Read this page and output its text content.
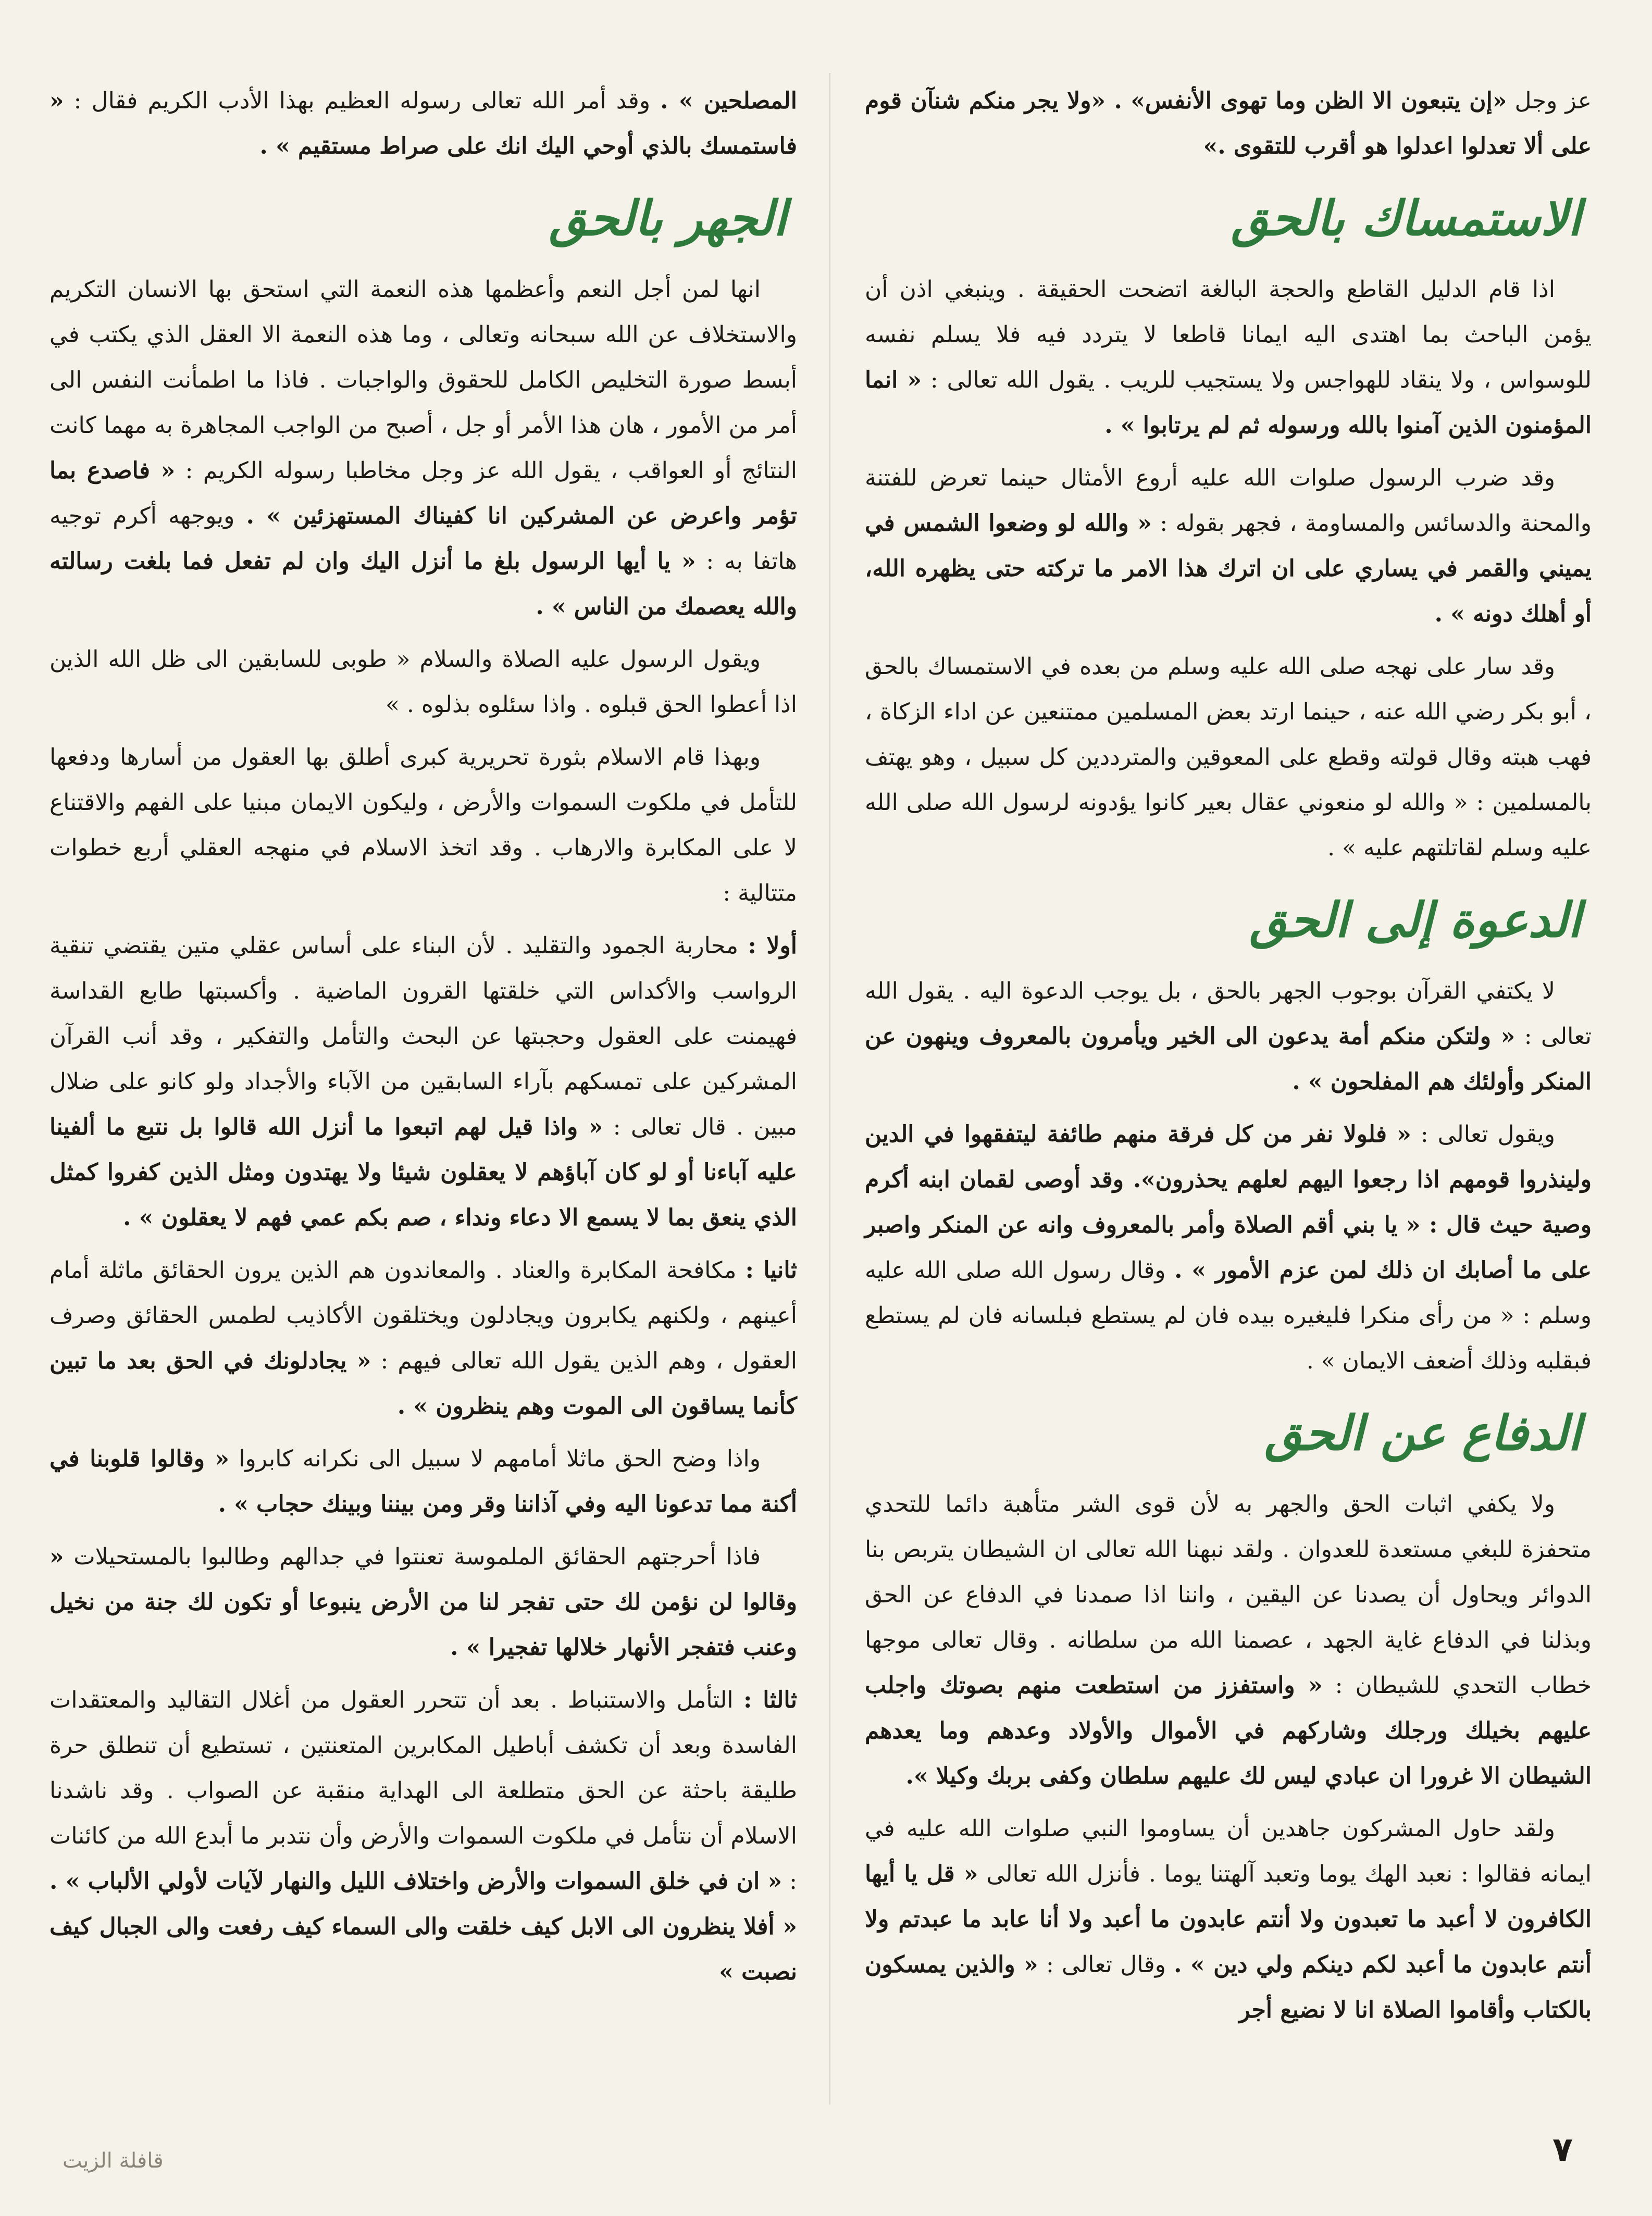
عز وجل «إن يتبعون الا الظن وما تهوى الأنفس» . «ولا يجر منكم شنآن قوم على ألا تعدلوا اعدلوا هو أقرب للتقوى .»

الاستمساك بالحق

اذا قام الدليل القاطع والحجة البالغة اتضحت الحقيقة . وينبغي اذن أن يؤمن الباحث بما اهتدى اليه ايمانا قاطعا لا يتردد فيه فلا يسلم نفسه للوسواس ، ولا ينقاد للهواجس ولا يستجيب للريب . يقول الله تعالى : « انما المؤمنون الذين آمنوا بالله ورسوله ثم لم يرتابوا » .

وقد ضرب الرسول صلوات الله عليه أروع الأمثال حينما تعرض للفتنة والمحنة والدسائس والمساومة ، فجهر بقوله : « والله لو وضعوا الشمس في يميني والقمر في يساري على ان اترك هذا الامر ما تركته حتى يظهره الله، أو أهلك دونه » .

وقد سار على نهجه صلى الله عليه وسلم من بعده في الاستمساك بالحق ، أبو بكر رضي الله عنه ، حينما ارتد بعض المسلمين ممتنعين عن اداء الزكاة ، فهب هبته وقال قولته وقطع على المعوقين والمترددين كل سبيل ، وهو يهتف بالمسلمين : « والله لو منعوني عقال بعير كانوا يؤدونه لرسول الله صلى الله عليه وسلم لقاتلتهم عليه » .

الدعوة إلى الحق

لا يكتفي القرآن بوجوب الجهر بالحق ، بل يوجب الدعوة اليه . يقول الله تعالى : « ولتكن منكم أمة يدعون الى الخير ويأمرون بالمعروف وينهون عن المنكر وأولئك هم المفلحون » .

ويقول تعالى : « فلولا نفر من كل فرقة منهم طائفة ليتفقهوا في الدين ولينذروا قومهم اذا رجعوا اليهم لعلهم يحذرون». وقد أوصى لقمان ابنه أكرم وصية حيث قال : « يا بني أقم الصلاة وأمر بالمعروف وانه عن المنكر واصبر على ما أصابك ان ذلك لمن عزم الأمور » . وقال رسول الله صلى الله عليه وسلم : « من رأى منكرا فليغيره بيده فان لم يستطع فبلسانه فان لم يستطع فبقلبه وذلك أضعف الايمان » .

الدفاع عن الحق

ولا يكفي اثبات الحق والجهر به لأن قوى الشر متأهبة دائما للتحدي متحفزة للبغي مستعدة للعدوان . ولقد نبهنا الله تعالى ان الشيطان يتربص بنا الدوائر ويحاول أن يصدنا عن اليقين ، واننا اذا صمدنا في الدفاع عن الحق وبذلنا في الدفاع غاية الجهد ، عصمنا الله من سلطانه . وقال تعالى موجها خطاب التحدي للشيطان : « واستفزز من استطعت منهم بصوتك واجلب عليهم بخيلك ورجلك وشاركهم في الأموال والأولاد وعدهم وما يعدهم الشيطان الا غرورا ان عبادي ليس لك عليهم سلطان وكفى بربك وكيلا ».

ولقد حاول المشركون جاهدين أن يساوموا النبي صلوات الله عليه في ايمانه فقالوا : نعبد الهك يوما وتعبد آلهتنا يوما . فأنزل الله تعالى « قل يا أيها الكافرون لا أعبد ما تعبدون ولا أنتم عابدون ما أعبد ولا أنا عابد ما عبدتم ولا أنتم عابدون ما أعبد لكم دينكم ولي دين » . وقال تعالى : « والذين يمسكون بالكتاب وأقاموا الصلاة انا لا نضيع أجر

المصلحين » . وقد أمر الله تعالى رسوله العظيم بهذا الأدب الكريم فقال : « فاستمسك بالذي أوحي اليك انك على صراط مستقيم » .

الجهر بالحق

انها لمن أجل النعم وأعظمها هذه النعمة التي استحق بها الانسان التكريم والاستخلاف عن الله سبحانه وتعالى ، وما هذه النعمة الا العقل الذي يكتب في أبسط صورة التخليص الكامل للحقوق والواجبات . فاذا ما اطمأنت النفس الى أمر من الأمور ، هان هذا الأمر أو جل ، أصبح من الواجب المجاهرة به مهما كانت النتائج أو العواقب ، يقول الله عز وجل مخاطبا رسوله الكريم : « فاصدع بما تؤمر واعرض عن المشركين انا كفيناك المستهزئين » . ويوجهه أكرم توجيه هاتفا به : « يا أيها الرسول بلغ ما أنزل اليك وان لم تفعل فما بلغت رسالته والله يعصمك من الناس » .

ويقول الرسول عليه الصلاة والسلام « طوبى للسابقين الى ظل الله الذين اذا أعطوا الحق قبلوه . واذا سئلوه بذلوه . »

وبهذا قام الاسلام بثورة تحريرية كبرى أطلق بها العقول من أسارها ودفعها للتأمل في ملكوت السموات والأرض ، وليكون الايمان مبنيا على الفهم والاقتناع لا على المكابرة والارهاب . وقد اتخذ الاسلام في منهجه العقلي أربع خطوات متتالية :

أولا : محاربة الجمود والتقليد . لأن البناء على أساس عقلي متين يقتضي تنقية الرواسب والأكداس التي خلقتها القرون الماضية . وأكسبتها طابع القداسة فهيمنت على العقول وحجبتها عن البحث والتأمل والتفكير ، وقد أنب القرآن المشركين على تمسكهم بآراء السابقين من الآباء والأجداد ولو كانو على ضلال مبين . قال تعالى : « واذا قيل لهم اتبعوا ما أنزل الله قالوا بل نتبع ما ألفينا عليه آباءنا أو لو كان آباؤهم لا يعقلون شيئا ولا يهتدون ومثل الذين كفروا كمثل الذي ينعق بما لا يسمع الا دعاء ونداء ، صم بكم عمي فهم لا يعقلون » .

ثانيا : مكافحة المكابرة والعناد . والمعاندون هم الذين يرون الحقائق ماثلة أمام أعينهم ، ولكنهم يكابرون ويجادلون ويختلقون الأكاذيب لطمس الحقائق وصرف العقول ، وهم الذين يقول الله تعالى فيهم : « يجادلونك في الحق بعد ما تبين كأنما يساقون الى الموت وهم ينظرون » .

واذا وضح الحق ماثلا أمامهم لا سبيل الى نكرانه كابروا « وقالوا قلوبنا في أكنة مما تدعونا اليه وفي آذاننا وقر ومن بيننا وبينك حجاب » .

فاذا أحرجتهم الحقائق الملموسة تعنتوا في جدالهم وطالبوا بالمستحيلات « وقالوا لن نؤمن لك حتى تفجر لنا من الأرض ينبوعا أو تكون لك جنة من نخيل وعنب فتفجر الأنهار خلالها تفجيرا » .

ثالثا : التأمل والاستنباط . بعد أن تتحرر العقول من أغلال التقاليد والمعتقدات الفاسدة وبعد أن تكشف أباطيل المكابرين المتعنتين ، تستطيع أن تنطلق حرة طليقة باحثة عن الحق متطلعة الى الهداية منقبة عن الصواب . وقد ناشدنا الاسلام أن نتأمل في ملكوت السموات والأرض وأن نتدبر ما أبدع الله من كائنات : « ان في خلق السموات والأرض واختلاف الليل والنهار لآيات لأولي الألباب » . « أفلا ينظرون الى الابل كيف خلقت والى السماء كيف رفعت والى الجبال كيف نصبت »

٧
قافلة الزيت
